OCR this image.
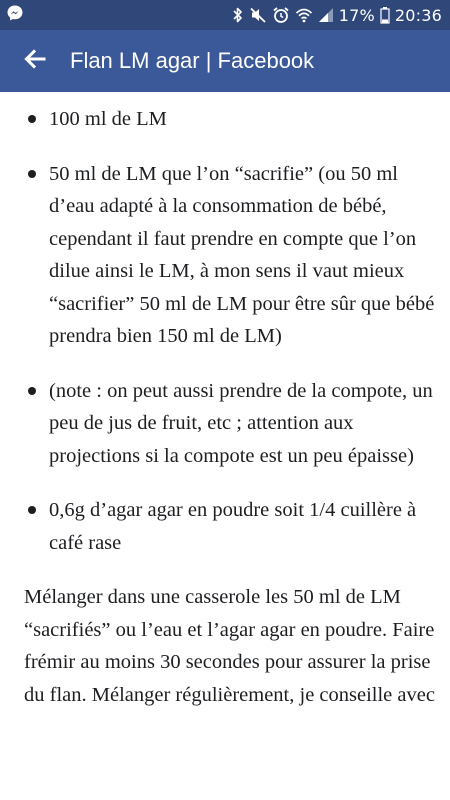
17% 20:36
Flan LM agar | Facebook
100 ml de LM
50 ml de LM que l’on “sacrifie” (ou 50 ml d’eau adapté à la consommation de bébé, cependant il faut prendre en compte que l’on dilue ainsi le LM, à mon sens il vaut mieux “sacrifier” 50 ml de LM pour être sûr que bébé prendra bien 150 ml de LM)
(note : on peut aussi prendre de la compote, un peu de jus de fruit, etc ; attention aux projections si la compote est un peu épaisse)
0,6g d’agar agar en poudre soit 1/4 cuillère à café rase

Mélanger dans une casserole les 50 ml de LM “sacrifiés” ou l’eau et l’agar agar en poudre. Faire frémir au moins 30 secondes pour assurer la prise du flan. Mélanger régulièrement, je conseille avec
